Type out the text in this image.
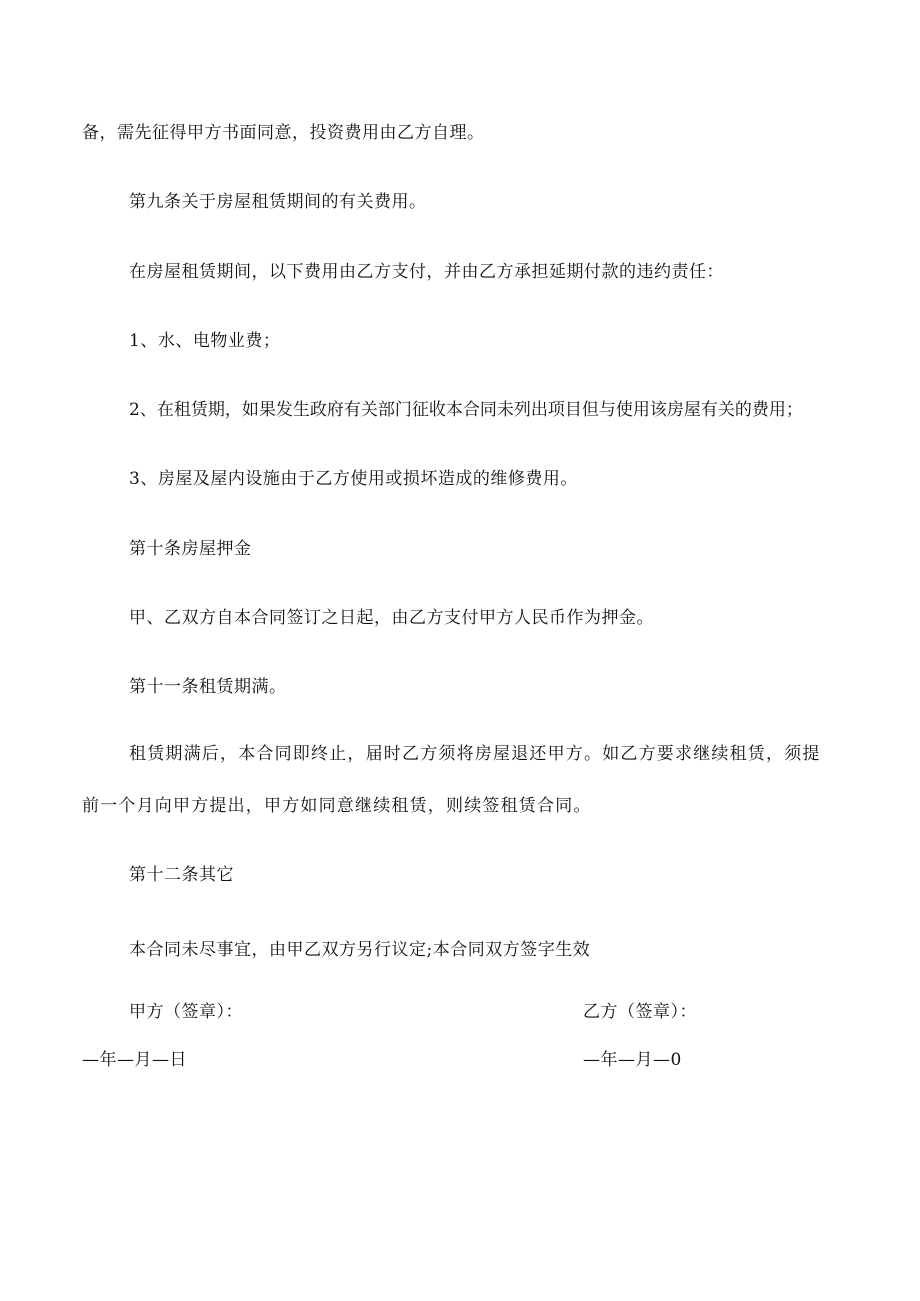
备，需先征得甲方书面同意，投资费用由乙方自理。
第九条关于房屋租赁期间的有关费用。
在房屋租赁期间，以下费用由乙方支付，并由乙方承担延期付款的违约责任：
1、水、电物业费；
2、在租赁期，如果发生政府有关部门征收本合同未列出项目但与使用该房屋有关的费用；
3、房屋及屋内设施由于乙方使用或损坏造成的维修费用。
第十条房屋押金
甲、乙双方自本合同签订之日起，由乙方支付甲方人民币作为押金。
第十一条租赁期满。
租赁期满后，本合同即终止，届时乙方须将房屋退还甲方。如乙方要求继续租赁，须提
前一个月向甲方提出，甲方如同意继续租赁，则续签租赁合同。
第十二条其它
本合同未尽事宜，由甲乙双方另行议定;本合同双方签字生效
甲方（签章）：	乙方（签章）：
—年—月—日	—年—月—0
